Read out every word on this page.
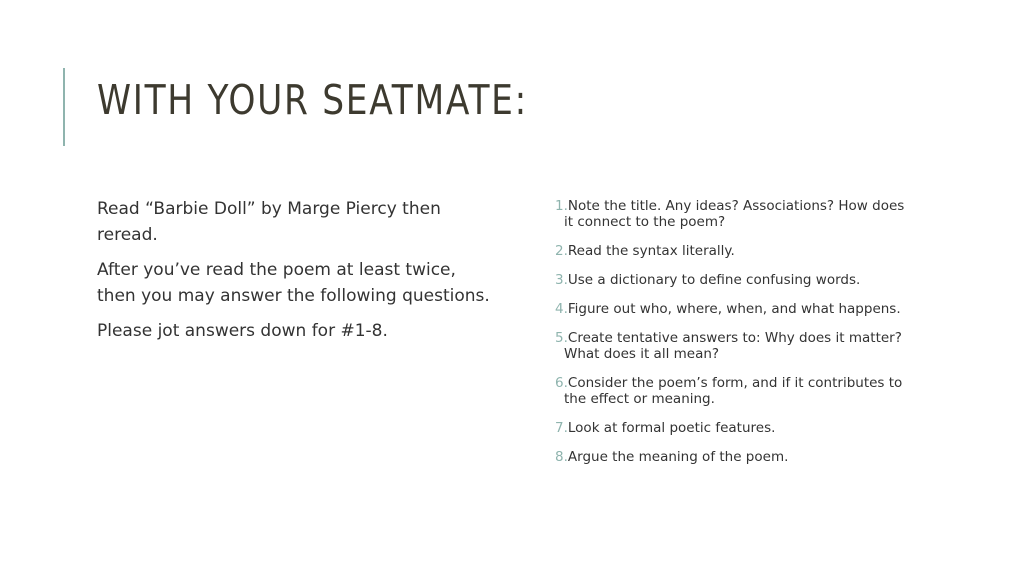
WITH YOUR SEATMATE:

Read “Barbie Doll” by Marge Piercy then reread.

After you’ve read the poem at least twice, then you may answer the following questions.

Please jot answers down for #1-8.

1.Note the title. Any ideas? Associations? How does it connect to the poem?
2.Read the syntax literally.
3.Use a dictionary to define confusing words.
4.Figure out who, where, when, and what happens.
5.Create tentative answers to: Why does it matter? What does it all mean?
6.Consider the poem’s form, and if it contributes to the effect or meaning.
7.Look at formal poetic features.
8.Argue the meaning of the poem.
